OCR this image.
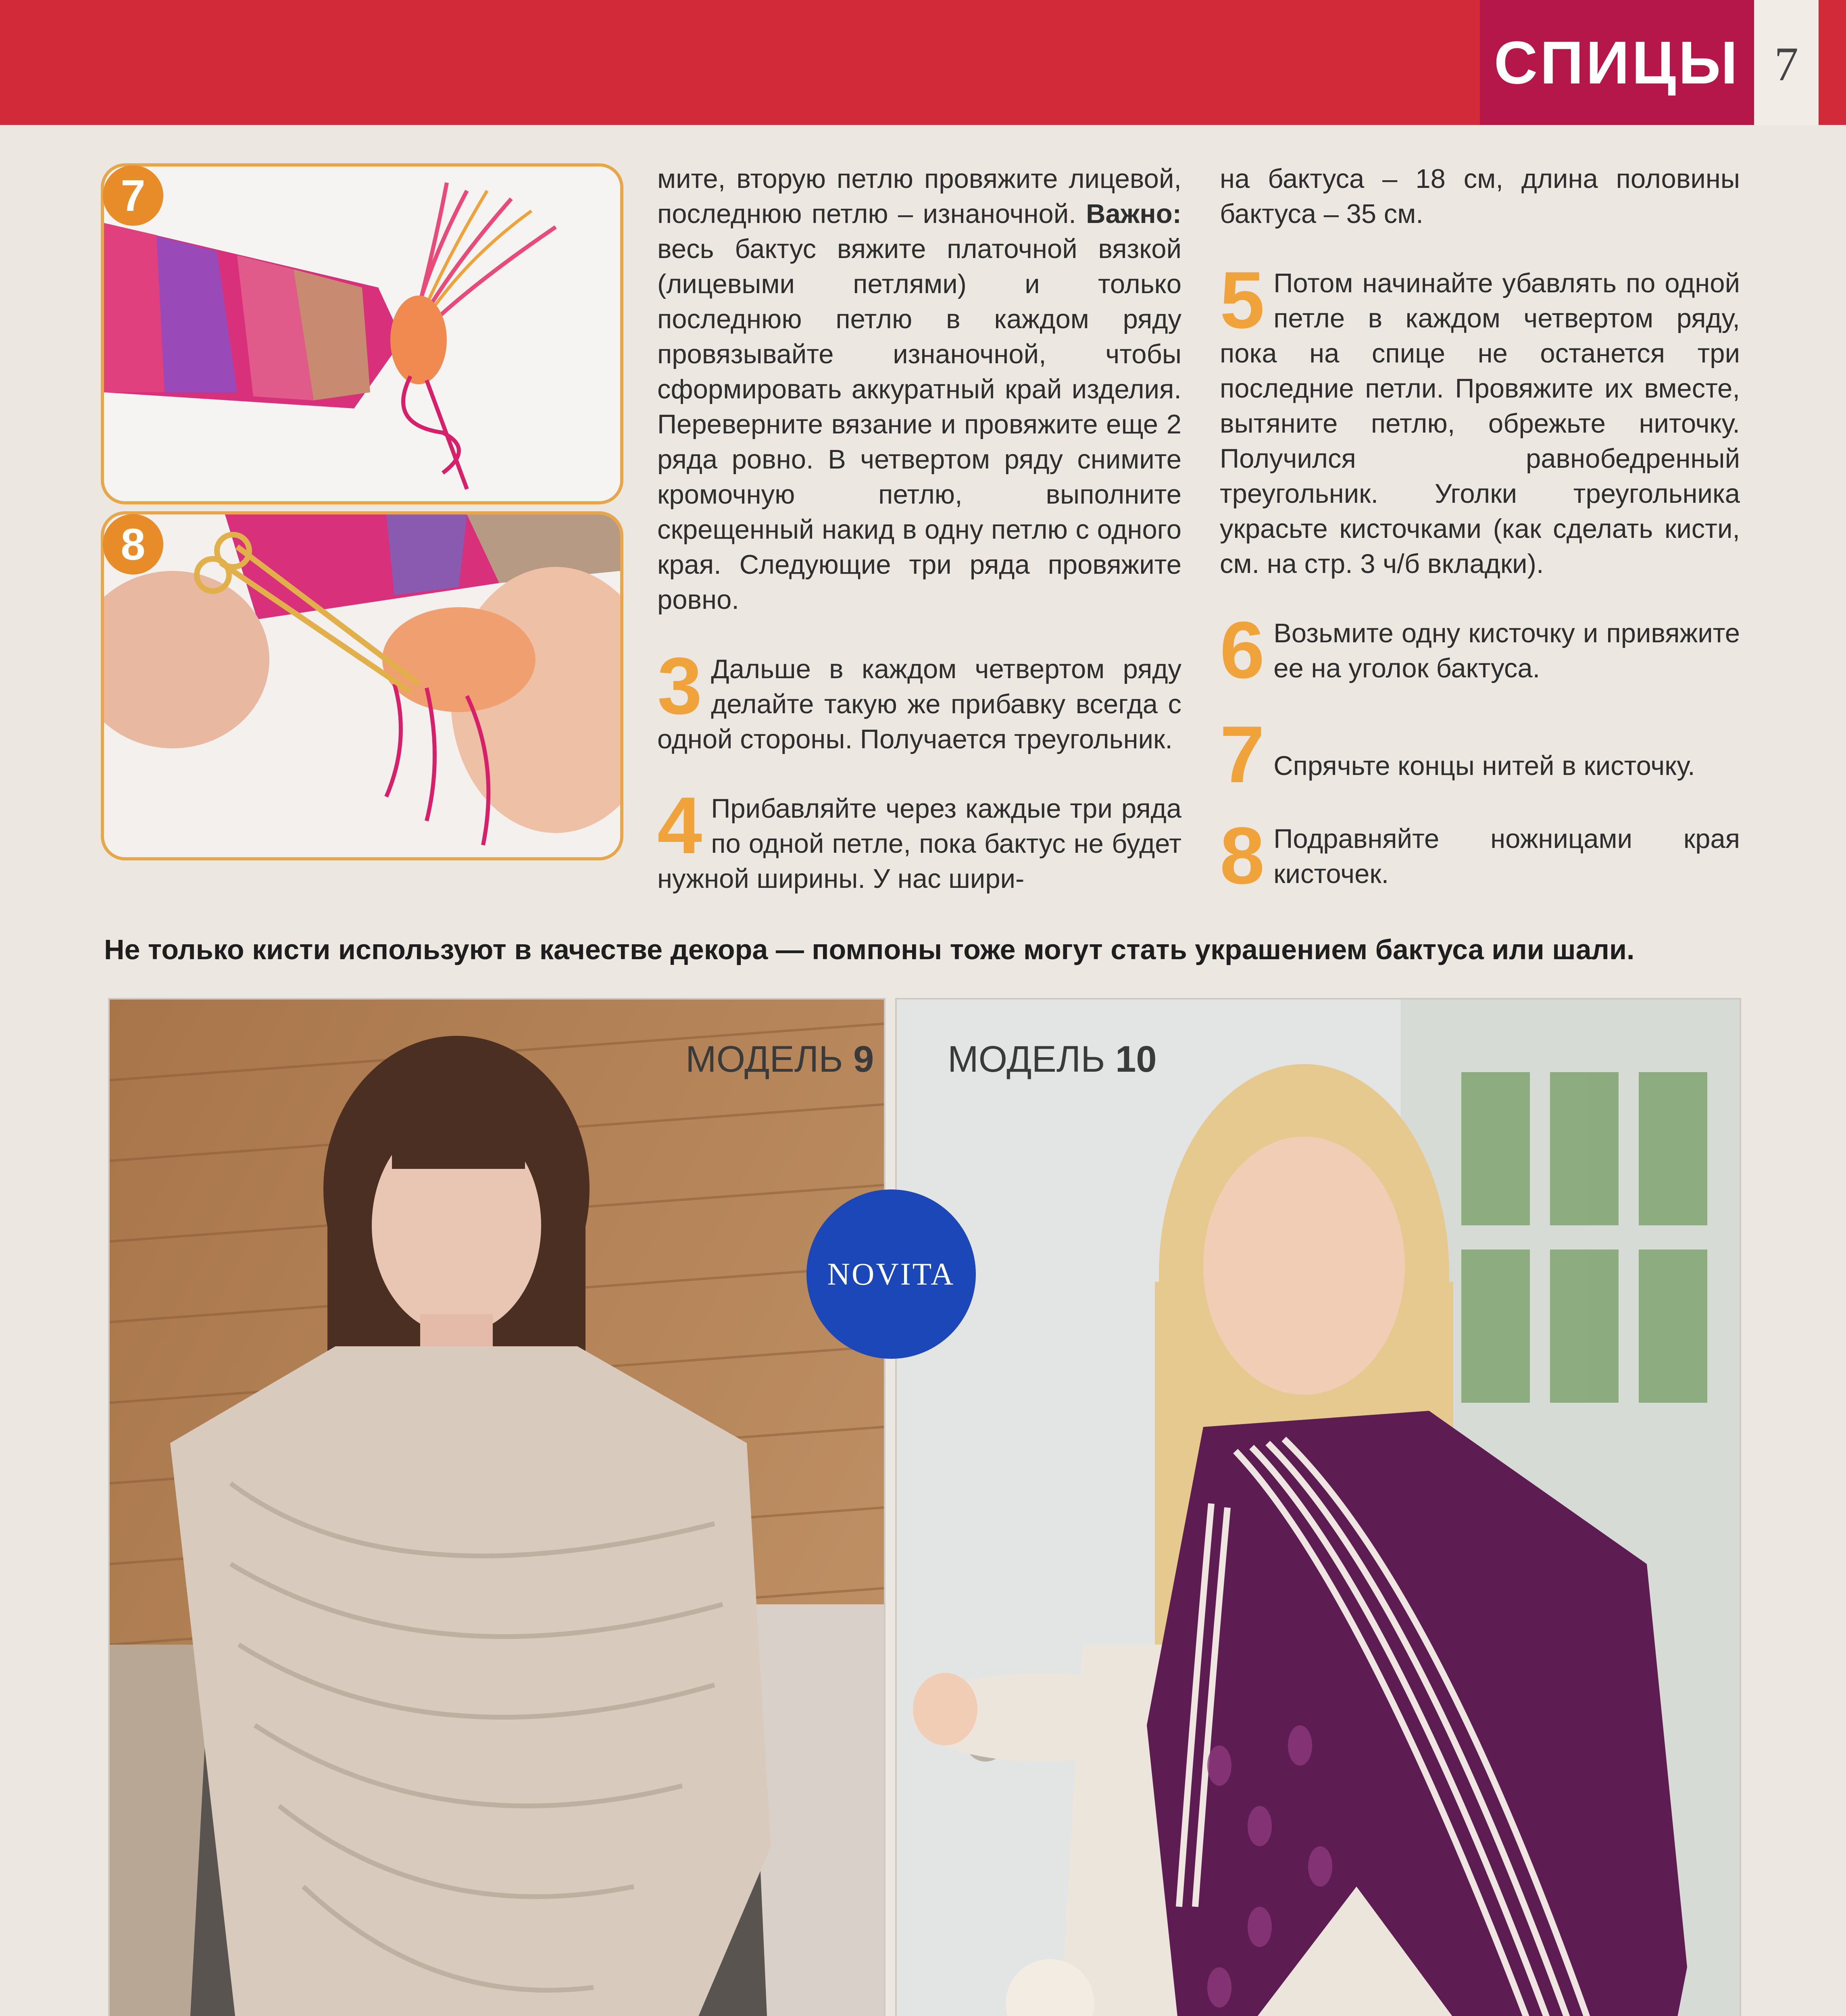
СПИЦЫ 7
7
8

мите, вторую петлю провяжите лицевой, последнюю петлю – изнаночной. Важно: весь бактус вяжите платочной вязкой (лицевыми петлями) и только последнюю петлю в каждом ряду провязывайте изнаночной, чтобы сформировать аккуратный край изделия. Переверните вязание и провяжите еще 2 ряда ровно. В четвертом ряду снимите кромочную петлю, выполните скрещенный накид в одну петлю с одного края. Следующие три ряда провяжите ровно.

3 Дальше в каждом четвертом ряду делайте такую же прибавку всегда с одной стороны. Получается треугольник.

4 Прибавляйте через каждые три ряда по одной петле, пока бактус не будет нужной ширины. У нас шири-

на бактуса – 18 см, длина половины бактуса – 35 см.

5 Потом начинайте убавлять по одной петле в каждом четвертом ряду, пока на спице не останется три последние петли. Провяжите их вместе, вытяните петлю, обрежьте ниточку. Получился равнобедренный треугольник. Уголки треугольника украсьте кисточками (как сделать кисти, см. на стр. 3 ч/б вкладки).

6 Возьмите одну кисточку и привяжите ее на уголок бактуса.

7 Спрячьте концы нитей в кисточку.

8 Подравняйте ножницами края кисточек.

Не только кисти используют в качестве декора — помпоны тоже могут стать украшением бактуса или шали.
МОДЕЛЬ 9 МОДЕЛЬ 10
NOVITA
